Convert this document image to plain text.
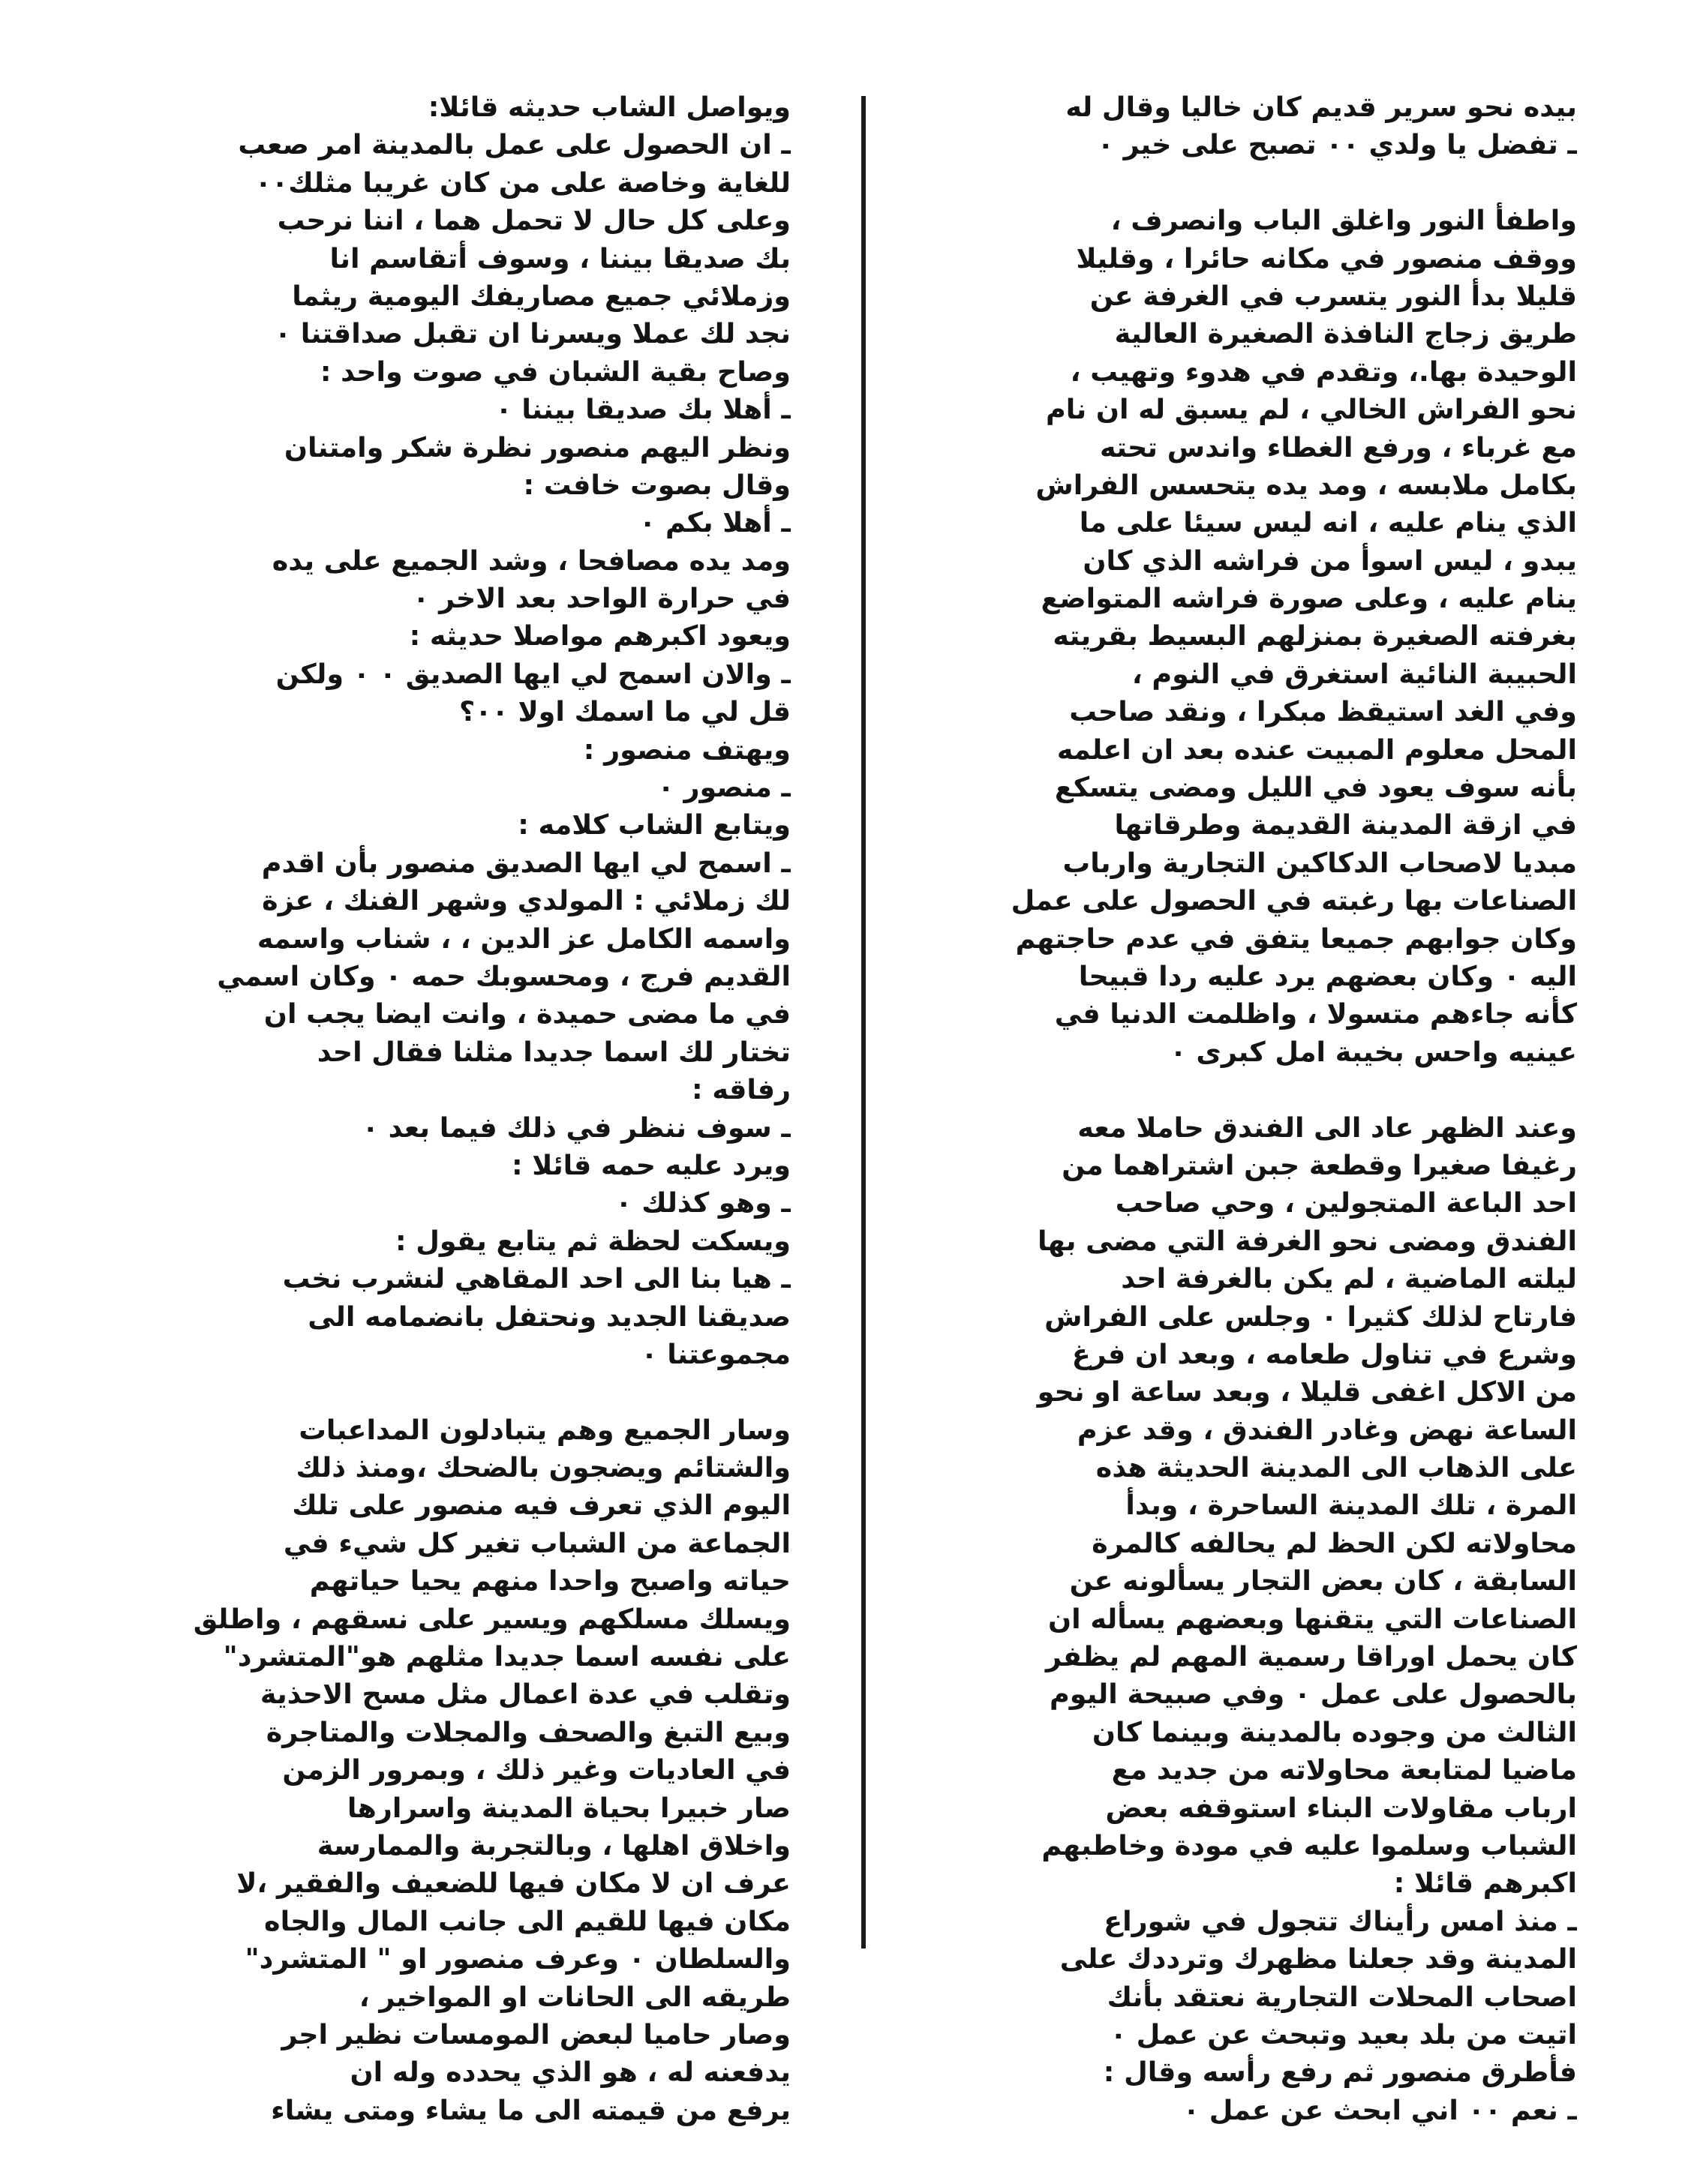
بيده نحو سرير قديم كان خاليا وقال له
ـ تفضل يا ولدي ٠٠ تصبح على خير ٠
واطفأ النور واغلق الباب وانصرف ،
ووقف منصور في مكانه حائرا ، وقليلا
قليلا بدأ النور يتسرب في الغرفة عن
طريق زجاج النافذة الصغيرة العالية
الوحيدة بها.، وتقدم في هدوء وتهيب ،
نحو الفراش الخالي ، لم يسبق له ان نام
مع غرباء ، ورفع الغطاء واندس تحته
بكامل ملابسه ، ومد يده يتحسس الفراش
الذي ينام عليه ، انه ليس سيئا على ما
يبدو ، ليس اسوأ من فراشه الذي كان
ينام عليه ، وعلى صورة فراشه المتواضع
بغرفته الصغيرة بمنزلهم البسيط بقريته
الحبيبة النائية استغرق في النوم ،
وفي الغد استيقظ مبكرا ، ونقد صاحب
المحل معلوم المبيت عنده بعد ان اعلمه
بأنه سوف يعود في الليل ومضى يتسكع
في ازقة المدينة القديمة وطرقاتها
مبديا لاصحاب الدكاكين التجارية وارباب
الصناعات بها رغبته في الحصول على عمل
وكان جوابهم جميعا يتفق في عدم حاجتهم
اليه ٠ وكان بعضهم يرد عليه ردا قبيحا
كأنه جاءهم متسولا ، واظلمت الدنيا في
عينيه واحس بخيبة امل كبرى ٠
وعند الظهر عاد الى الفندق حاملا معه
رغيفا صغيرا وقطعة جبن اشتراهما من
احد الباعة المتجولين ، وحي صاحب
الفندق ومضى نحو الغرفة التي مضى بها
ليلته الماضية ، لم يكن بالغرفة احد
فارتاح لذلك كثيرا ٠ وجلس على الفراش
وشرع في تناول طعامه ، وبعد ان فرغ
من الاكل اغفى قليلا ، وبعد ساعة او نحو
الساعة نهض وغادر الفندق ، وقد عزم
على الذهاب الى المدينة الحديثة هذه
المرة ، تلك المدينة الساحرة ، وبدأ
محاولاته لكن الحظ لم يحالفه كالمرة
السابقة ، كان بعض التجار يسألونه عن
الصناعات التي يتقنها وبعضهم يسأله ان
كان يحمل اوراقا رسمية المهم لم يظفر
بالحصول على عمل ٠ وفي صبيحة اليوم
الثالث من وجوده بالمدينة وبينما كان
ماضيا لمتابعة محاولاته من جديد مع
ارباب مقاولات البناء استوقفه بعض
الشباب وسلموا عليه في مودة وخاطبهم
اكبرهم قائلا :
ـ منذ امس رأيناك تتجول في شوراع
المدينة وقد جعلنا مظهرك وترددك على
اصحاب المحلات التجارية نعتقد بأنك
اتيت من بلد بعيد وتبحث عن عمل ٠
فأطرق منصور ثم رفع رأسه وقال :
ـ نعم ٠٠ اني ابحث عن عمل ٠
ويواصل الشاب حديثه قائلا:
ـ ان الحصول على عمل بالمدينة امر صعب
للغاية وخاصة على من كان غريبا مثلك٠٠
وعلى كل حال لا تحمل هما ، اننا نرحب
بك صديقا بيننا ، وسوف أتقاسم انا
وزملائي جميع مصاريفك اليومية ريثما
نجد لك عملا ويسرنا ان تقبل صداقتنا ٠
وصاح بقية الشبان في صوت واحد :
ـ أهلا بك صديقا بيننا ٠
ونظر اليهم منصور نظرة شكر وامتنان
وقال بصوت خافت :
ـ أهلا بكم ٠
ومد يده مصافحا ، وشد الجميع على يده
في حرارة الواحد بعد الاخر ٠
ويعود اكبرهم مواصلا حديثه :
ـ والان اسمح لي ايها الصديق ٠ ٠ ولكن
قل لي ما اسمك اولا ٠٠؟
ويهتف منصور :
ـ منصور ٠
ويتابع الشاب كلامه :
ـ اسمح لي ايها الصديق منصور بأن اقدم
لك زملائي : المولدي وشهر الفنك ، عزة
واسمه الكامل عز الدين ، ، شناب واسمه
القديم فرج ، ومحسوبك حمه ٠ وكان اسمي
في ما مضى حميدة ، وانت ايضا يجب ان
تختار لك اسما جديدا مثلنا فقال احد
رفاقه :
ـ سوف ننظر في ذلك فيما بعد ٠
ويرد عليه حمه قائلا :
ـ وهو كذلك ٠
ويسكت لحظة ثم يتابع يقول :
ـ هيا بنا الى احد المقاهي لنشرب نخب
صديقنا الجديد ونحتفل بانضمامه الى
مجموعتنا ٠
وسار الجميع وهم يتبادلون المداعبات
والشتائم ويضجون بالضحك ،ومنذ ذلك
اليوم الذي تعرف فيه منصور على تلك
الجماعة من الشباب تغير كل شيء في
حياته واصبح واحدا منهم يحيا حياتهم
ويسلك مسلكهم ويسير على نسقهم ، واطلق
على نفسه اسما جديدا مثلهم هو"المتشرد"
وتقلب في عدة اعمال مثل مسح الاحذية
وبيع التبغ والصحف والمجلات والمتاجرة
في العاديات وغير ذلك ، وبمرور الزمن
صار خبيرا بحياة المدينة واسرارها
واخلاق اهلها ، وبالتجربة والممارسة
عرف ان لا مكان فيها للضعيف والفقير ،لا
مكان فيها للقيم الى جانب المال والجاه
والسلطان ٠ وعرف منصور او " المتشرد"
طريقه الى الحانات او المواخير ،
وصار حاميا لبعض المومسات نظير اجر
يدفعنه له ، هو الذي يحدده وله ان
يرفع من قيمته الى ما يشاء ومتى يشاء
